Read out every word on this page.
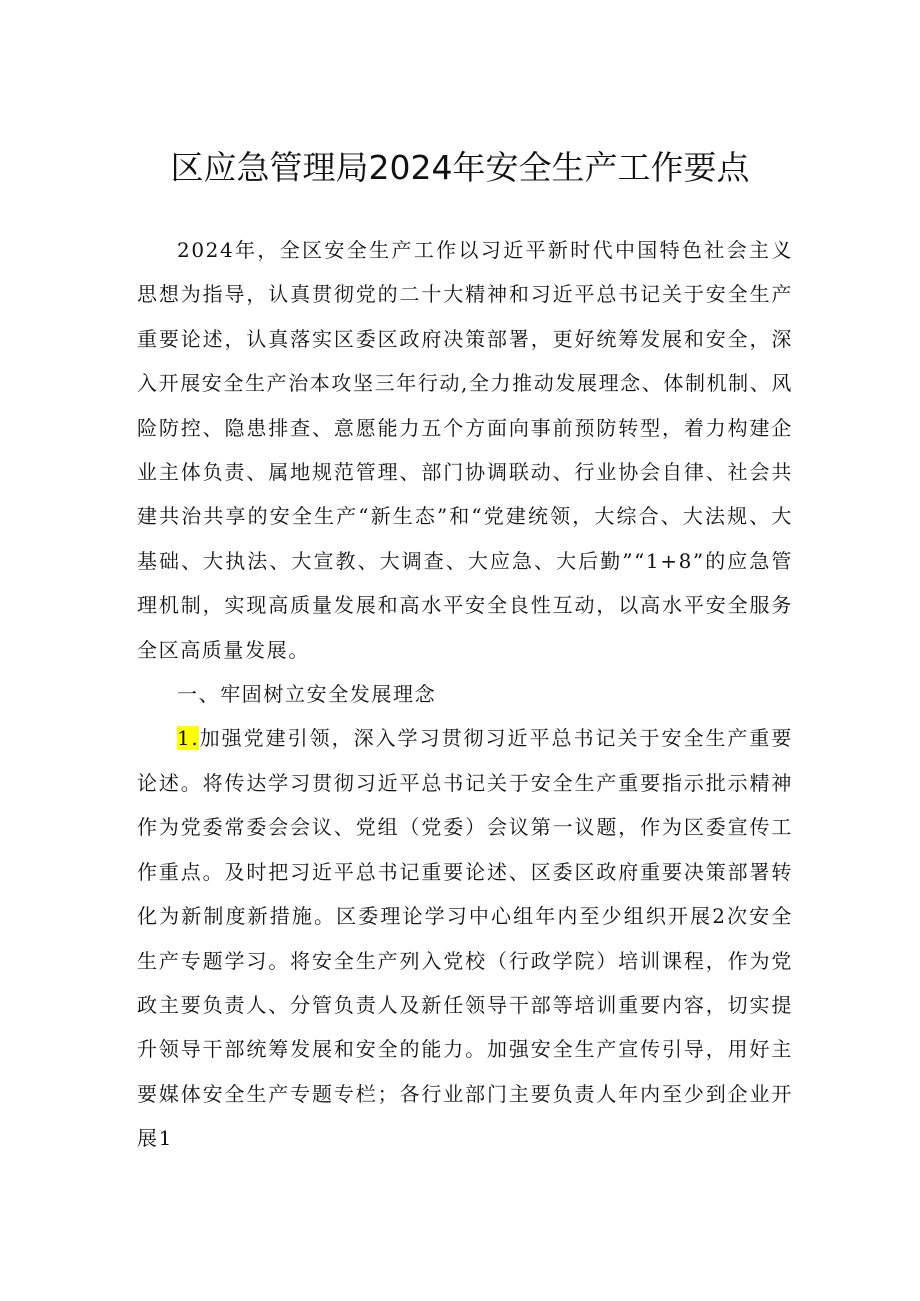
区应急管理局2024年安全生产工作要点

2024年，全区安全生产工作以习近平新时代中国特色社会主义思想为指导，认真贯彻党的二十大精神和习近平总书记关于安全生产重要论述，认真落实区委区政府决策部署，更好统筹发展和安全，深入开展安全生产治本攻坚三年行动,全力推动发展理念、体制机制、风险防控、隐患排查、意愿能力五个方面向事前预防转型，着力构建企业主体负责、属地规范管理、部门协调联动、行业协会自律、社会共建共治共享的安全生产“新生态”和“党建统领，大综合、大法规、大基础、大执法、大宣教、大调查、大应急、大后勤”“1+8”的应急管理机制，实现高质量发展和高水平安全良性互动，以高水平安全服务全区高质量发展。

一、牢固树立安全发展理念

1.加强党建引领，深入学习贯彻习近平总书记关于安全生产重要论述。将传达学习贯彻习近平总书记关于安全生产重要指示批示精神作为党委常委会会议、党组（党委）会议第一议题，作为区委宣传工作重点。及时把习近平总书记重要论述、区委区政府重要决策部署转化为新制度新措施。区委理论学习中心组年内至少组织开展2次安全生产专题学习。将安全生产列入党校（行政学院）培训课程，作为党政主要负责人、分管负责人及新任领导干部等培训重要内容，切实提升领导干部统筹发展和安全的能力。加强安全生产宣传引导，用好主要媒体安全生产专题专栏；各行业部门主要负责人年内至少到企业开展1
